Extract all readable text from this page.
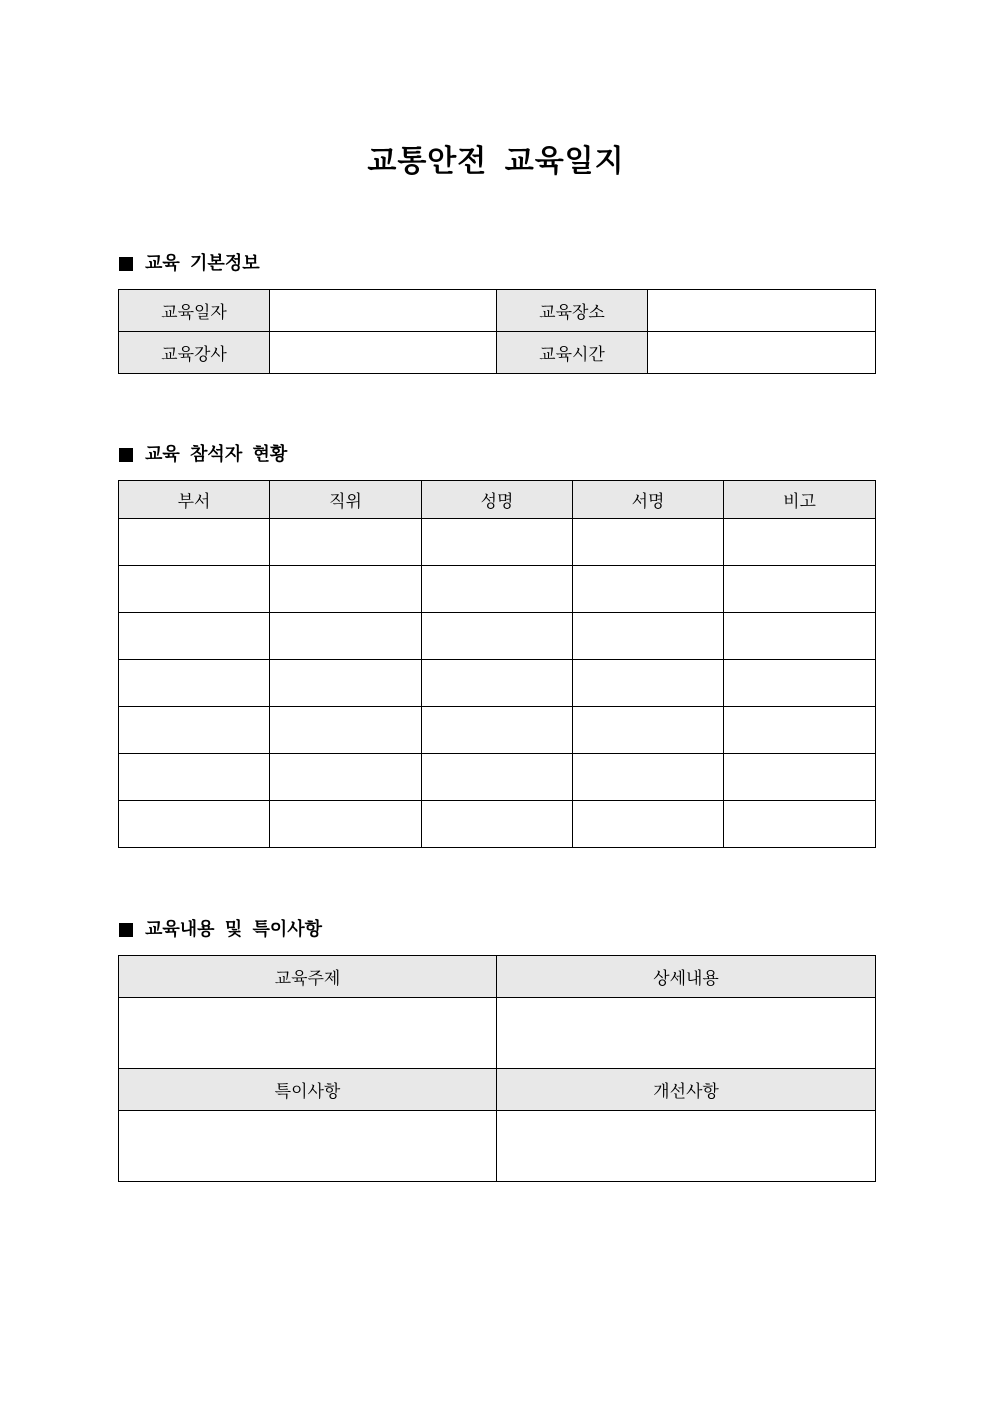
교통안전 교육일지
교육 기본정보
교육일자		교육장소	
교육강사		교육시간	
교육 참석자 현황
부서	직위	성명	서명	비고

교육내용 및 특이사항
교육주제	상세내용

특이사항	개선사항
